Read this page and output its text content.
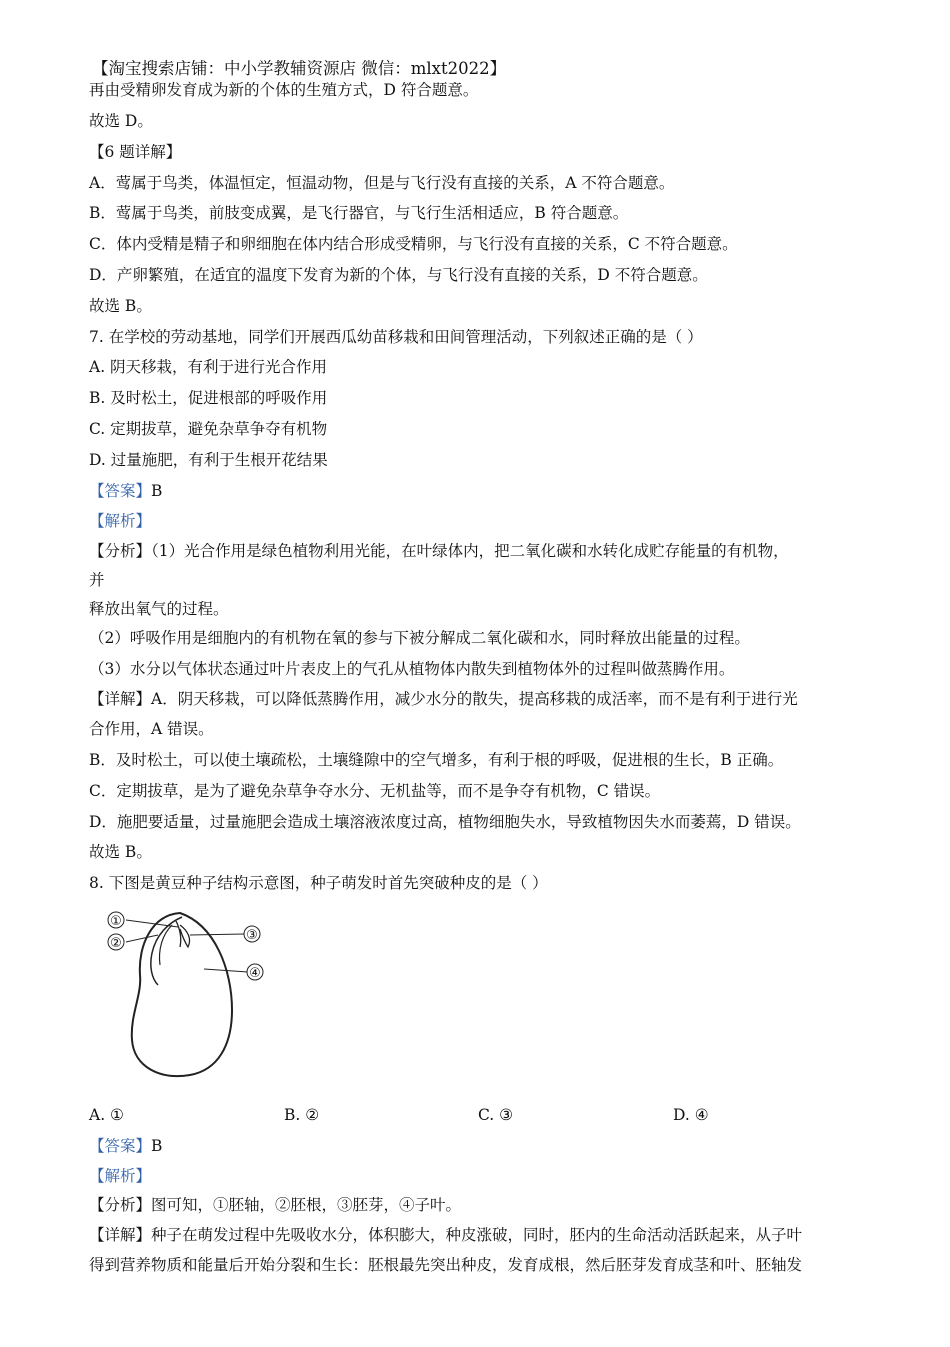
【淘宝搜索店铺：中小学教辅资源店 微信：mlxt2022】
再由受精卵发育成为新的个体的生殖方式，D 符合题意。
故选 D。
【6 题详解】
A．莺属于鸟类，体温恒定，恒温动物，但是与飞行没有直接的关系，A 不符合题意。
B．莺属于鸟类，前肢变成翼，是飞行器官，与飞行生活相适应，B 符合题意。
C．体内受精是精子和卵细胞在体内结合形成受精卵，与飞行没有直接的关系，C 不符合题意。
D．产卵繁殖，在适宜的温度下发育为新的个体，与飞行没有直接的关系，D 不符合题意。
故选 B。
7. 在学校的劳动基地，同学们开展西瓜幼苗移栽和田间管理活动，下列叙述正确的是（ ）
A. 阴天移栽，有利于进行光合作用
B. 及时松土，促进根部的呼吸作用
C. 定期拔草，避免杂草争夺有机物
D. 过量施肥，有利于生根开花结果
【答案】B
【解析】
【分析】（1）光合作用是绿色植物利用光能，在叶绿体内，把二氧化碳和水转化成贮存能量的有机物，
并
释放出氧气的过程。
（2）呼吸作用是细胞内的有机物在氧的参与下被分解成二氧化碳和水，同时释放出能量的过程。
（3）水分以气体状态通过叶片表皮上的气孔从植物体内散失到植物体外的过程叫做蒸腾作用。
【详解】A．阴天移栽，可以降低蒸腾作用，减少水分的散失，提高移栽的成活率，而不是有利于进行光
合作用，A 错误。
B．及时松土，可以使土壤疏松，土壤缝隙中的空气增多，有利于根的呼吸，促进根的生长，B 正确。
C．定期拔草，是为了避免杂草争夺水分、无机盐等，而不是争夺有机物，C 错误。
D．施肥要适量，过量施肥会造成土壤溶液浓度过高，植物细胞失水，导致植物因失水而萎蔫，D 错误。
故选 B。
8. 下图是黄豆种子结构示意图，种子萌发时首先突破种皮的是（ ）
①
②
③
④
A. ①	B. ②	C. ③	D. ④
【答案】B
【解析】
【分析】图可知，①胚轴，②胚根，③胚芽，④子叶。
【详解】种子在萌发过程中先吸收水分，体积膨大，种皮涨破，同时，胚内的生命活动活跃起来，从子叶
得到营养物质和能量后开始分裂和生长：胚根最先突出种皮，发育成根，然后胚芽发育成茎和叶、胚轴发
